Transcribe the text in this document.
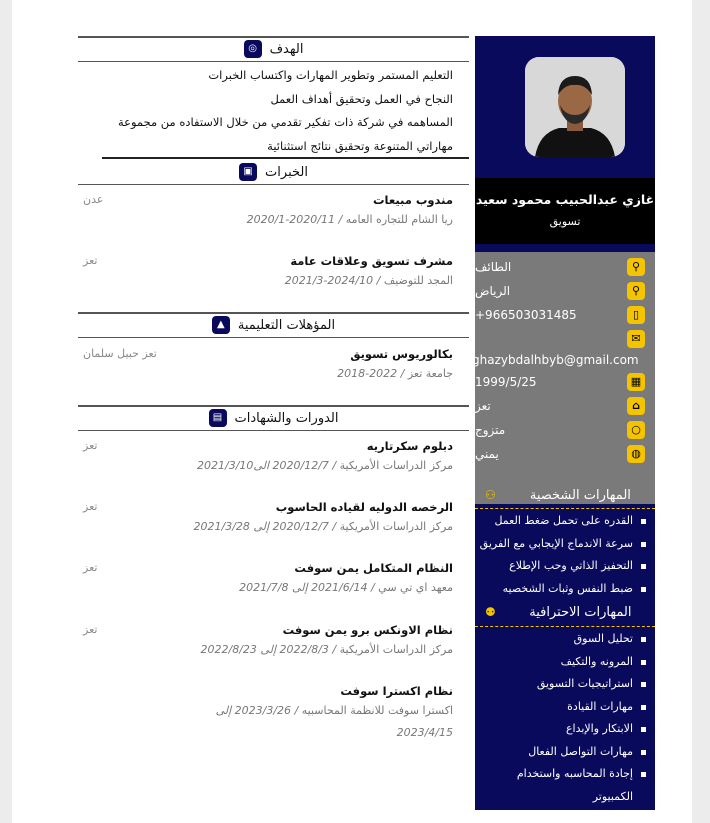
الهدف
◎
التعليم المستمر وتطوير المهارات واكتساب الخبرات
النجاح في العمل وتحقيق أهداف العمل
المساهمه في شركة ذات تفكير تقدمي من خلال الاستفاده من مجموعة
مهاراتي المتنوعة وتحقيق نتائج استثنائية
الخبرات
▣
مندوب مبيعات
ريا الشام للتجاره العامه / 2020/11-2020/1
عدن
مشرف تسويق وعلاقات عامة
المجد للتوضيف / 2024/10-2021/3
تعز
المؤهلات التعليمية
▲
بكالوريوس تسويق
جامعة تعز / 2022-2018
تعز حبيل سلمان
الدورات والشهادات
▤
دبلوم سكرتاريه
مركز الدراسات الأمريكية / 2020/12/7 الى2021/3/10
تعز
الرخصه الدوليه لقياده الحاسوب
مركز الدراسات الأمريكية / 2020/12/7 إلى 2021/3/28
تعز
النظام المتكامل يمن سوفت
معهد اي تي سي / 2021/6/14 إلى 2021/7/8
تعز
نظام الاونكس برو يمن سوفت
مركز الدراسات الأمريكية / 2022/8/3 إلى 2022/8/23
تعز
نظام اكسترا سوفت
اكسترا سوفت للانظمة المحاسبيه / 2023/3/26 إلى
2023/4/15
غازي عبدالحبيب محمود سعيد
تسويق
الطائف	⚲
الرياض	⚲
+966503031485	▯
✉
ghazybdalhbyb@gmail.com
1999/5/25	▦
تعز	⌂
متزوج	○
يمني	◍
المهارات الشخصية
⚇
القدره على تحمل ضغط العمل
سرعة الاندماج الإيجابي مع الفريق
التحفيز الذاتي وحب الإطلاع
ضبط النفس وثبات الشخصيه
المهارات الاحترافية
⚉
تحليل السوق
المرونه والتكيف
استراتيجيات التسويق
مهارات القيادة
الابتكار والإبداع
مهارات التواصل الفعال
إجادة المحاسبه واستخدام
الكمبيوتر
